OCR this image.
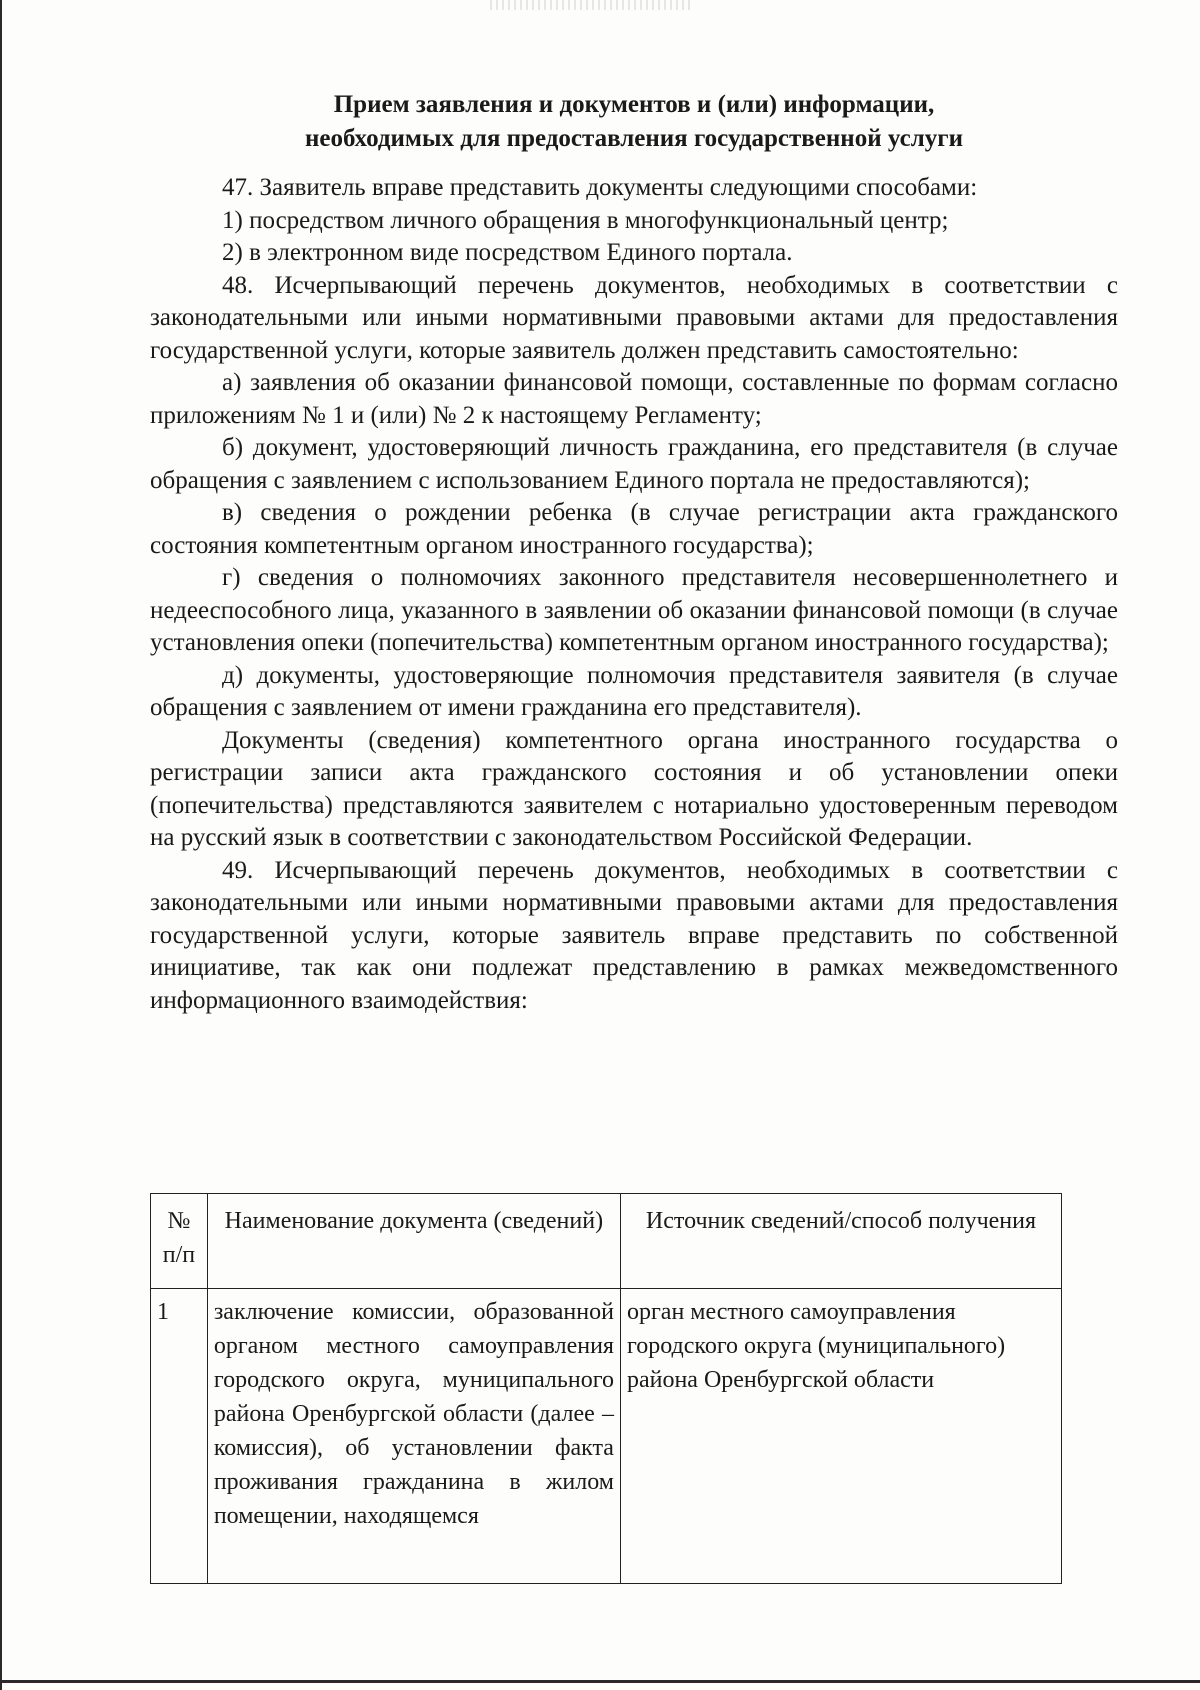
Прием заявления и документов и (или) информации,
необходимых для предоставления государственной услуги

47. Заявитель вправе представить документы следующими способами:

1) посредством личного обращения в многофункциональный центр;

2) в электронном виде посредством Единого портала.

48. Исчерпывающий перечень документов, необходимых в соответствии с законодательными или иными нормативными правовыми актами для предоставления государственной услуги, которые заявитель должен представить самостоятельно:

а) заявления об оказании финансовой помощи, составленные по формам согласно приложениям № 1 и (или) № 2 к настоящему Регламенту;

б) документ, удостоверяющий личность гражданина, его представителя (в случае обращения с заявлением с использованием Единого портала не предоставляются);

в) сведения о рождении ребенка (в случае регистрации акта гражданского состояния компетентным органом иностранного государства);

г) сведения о полномочиях законного представителя несовершеннолетнего и недееспособного лица, указанного в заявлении об оказании финансовой помощи (в случае установления опеки (попечительства) компетентным органом иностранного государства);

д) документы, удостоверяющие полномочия представителя заявителя (в случае обращения с заявлением от имени гражданина его представителя).

Документы (сведения) компетентного органа иностранного государства о регистрации записи акта гражданского состояния и об установлении опеки (попечительства) представляются заявителем с нотариально удостоверенным переводом на русский язык в соответствии с законодательством Российской Федерации.

49. Исчерпывающий перечень документов, необходимых в соответствии с законодательными или иными нормативными правовыми актами для предоставления государственной услуги, которые заявитель вправе представить по собственной инициативе, так как они подлежат представлению в рамках межведомственного информационного взаимодействия:

№ п/п	Наименование документа (сведений)	Источник сведений/способ получения
1	заключение комиссии, образованной органом местного самоуправления городского округа, муниципального района Оренбургской области (далее – комиссия), об установлении факта проживания гражданина в жилом помещении, находящемся	орган местного самоуправления городского округа (муниципального) района Оренбургской области
